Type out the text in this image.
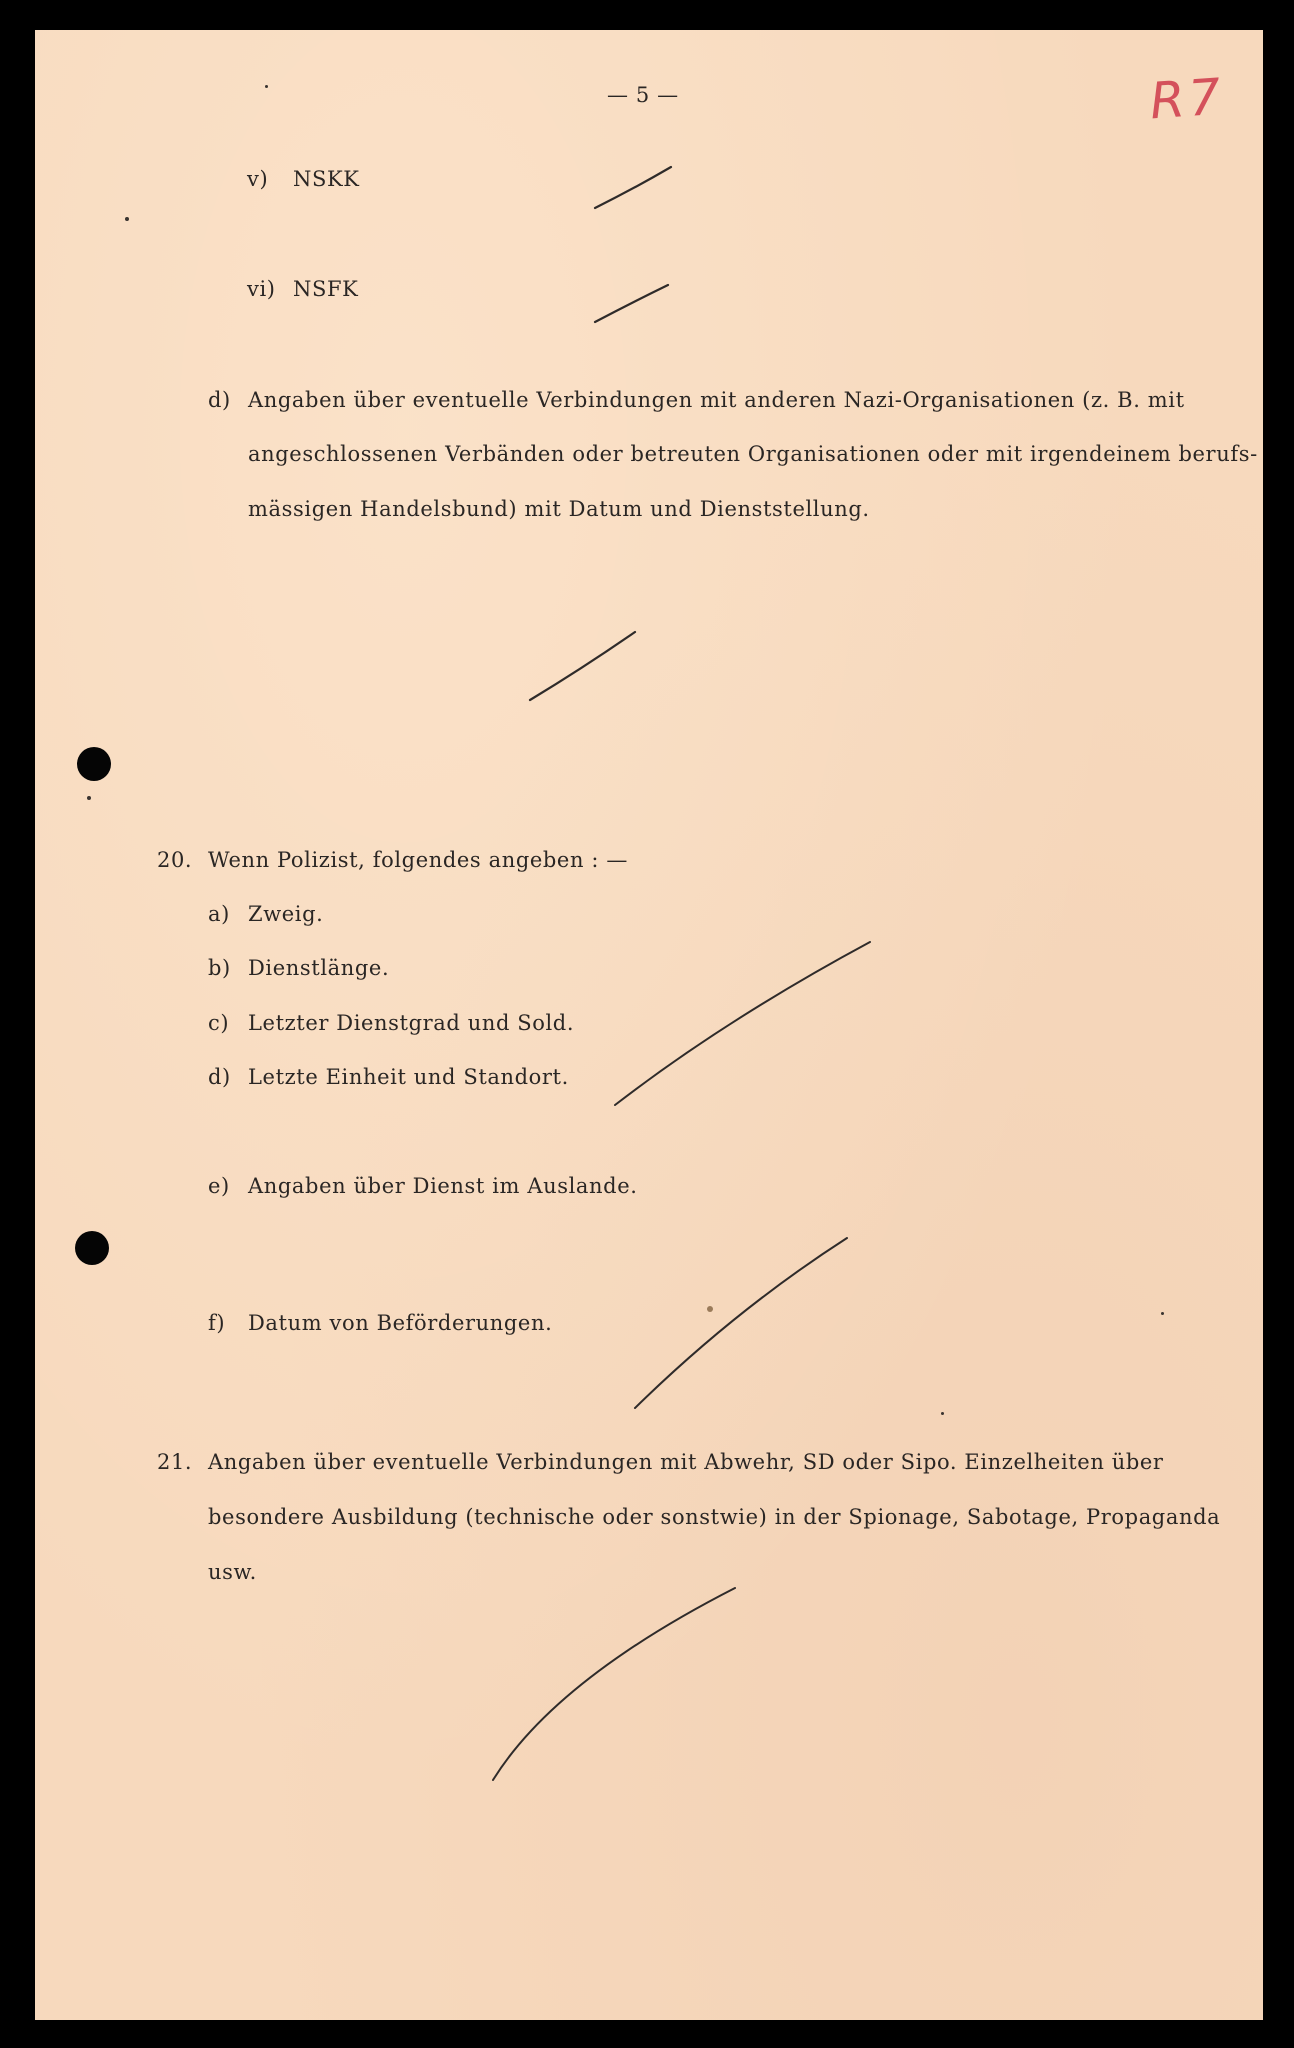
R7
— 5 —
v) NSKK
vi) NSFK
d) Angaben über eventuelle Verbindungen mit anderen Nazi-Organisationen (z. B. mit
angeschlossenen Verbänden oder betreuten Organisationen oder mit irgendeinem berufs-
mässigen Handelsbund) mit Datum und Dienststellung.
20. Wenn Polizist, folgendes angeben : —
a) Zweig.
b) Dienstlänge.
c) Letzter Dienstgrad und Sold.
d) Letzte Einheit und Standort.
e) Angaben über Dienst im Auslande.
f) Datum von Beförderungen.
21. Angaben über eventuelle Verbindungen mit Abwehr, SD oder Sipo. Einzelheiten über
besondere Ausbildung (technische oder sonstwie) in der Spionage, Sabotage, Propaganda
usw.
